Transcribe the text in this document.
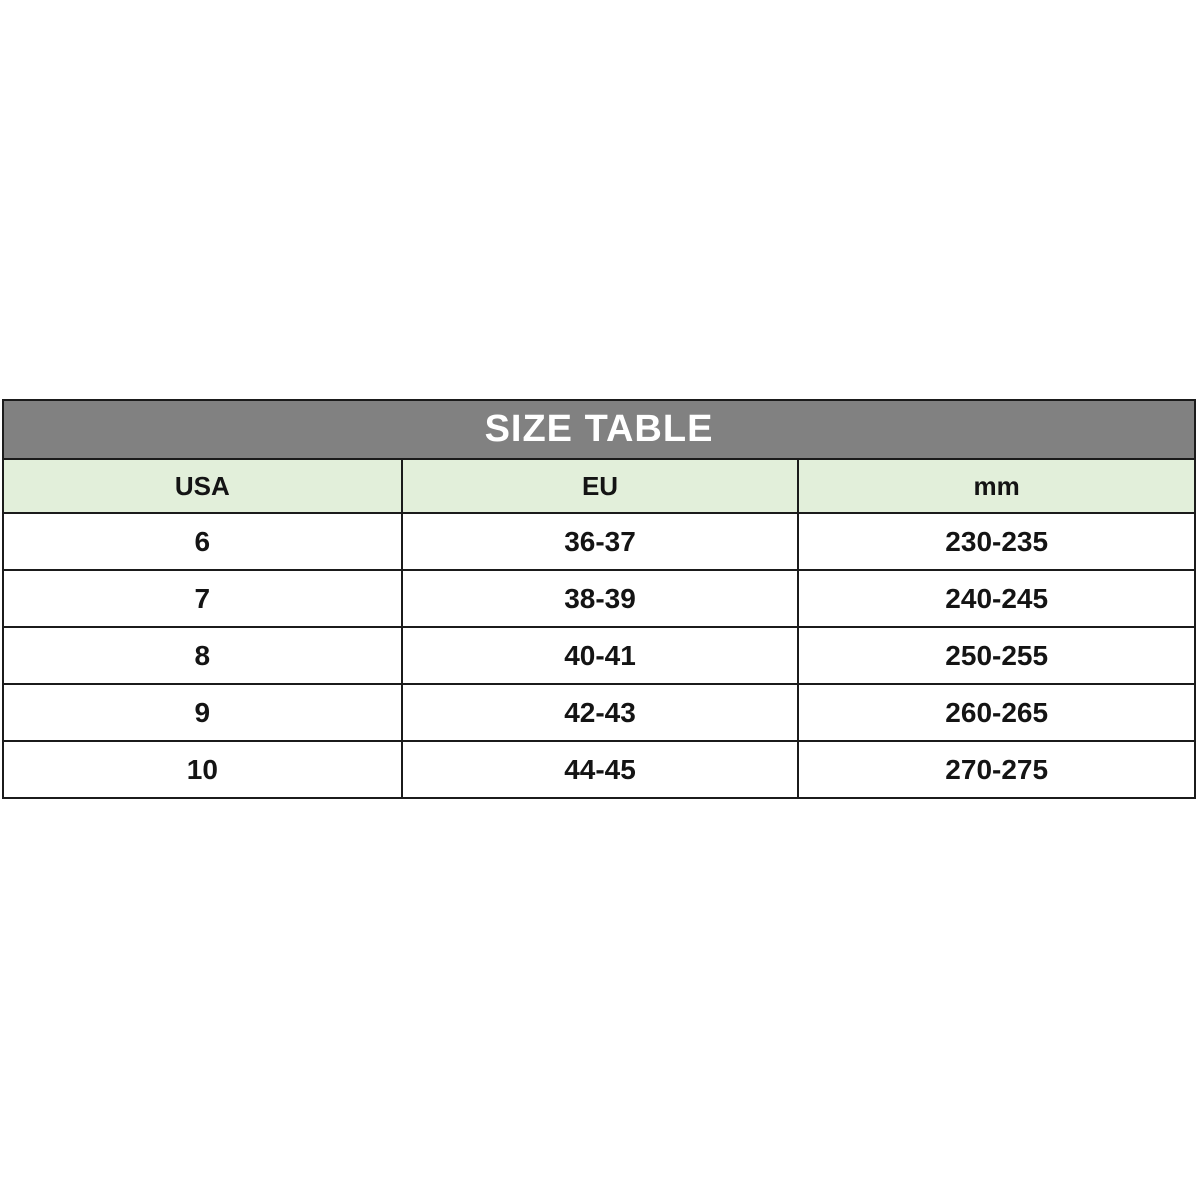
SIZE TABLE
USA	EU	mm
6	36-37	230-235
7	38-39	240-245
8	40-41	250-255
9	42-43	260-265
10	44-45	270-275
